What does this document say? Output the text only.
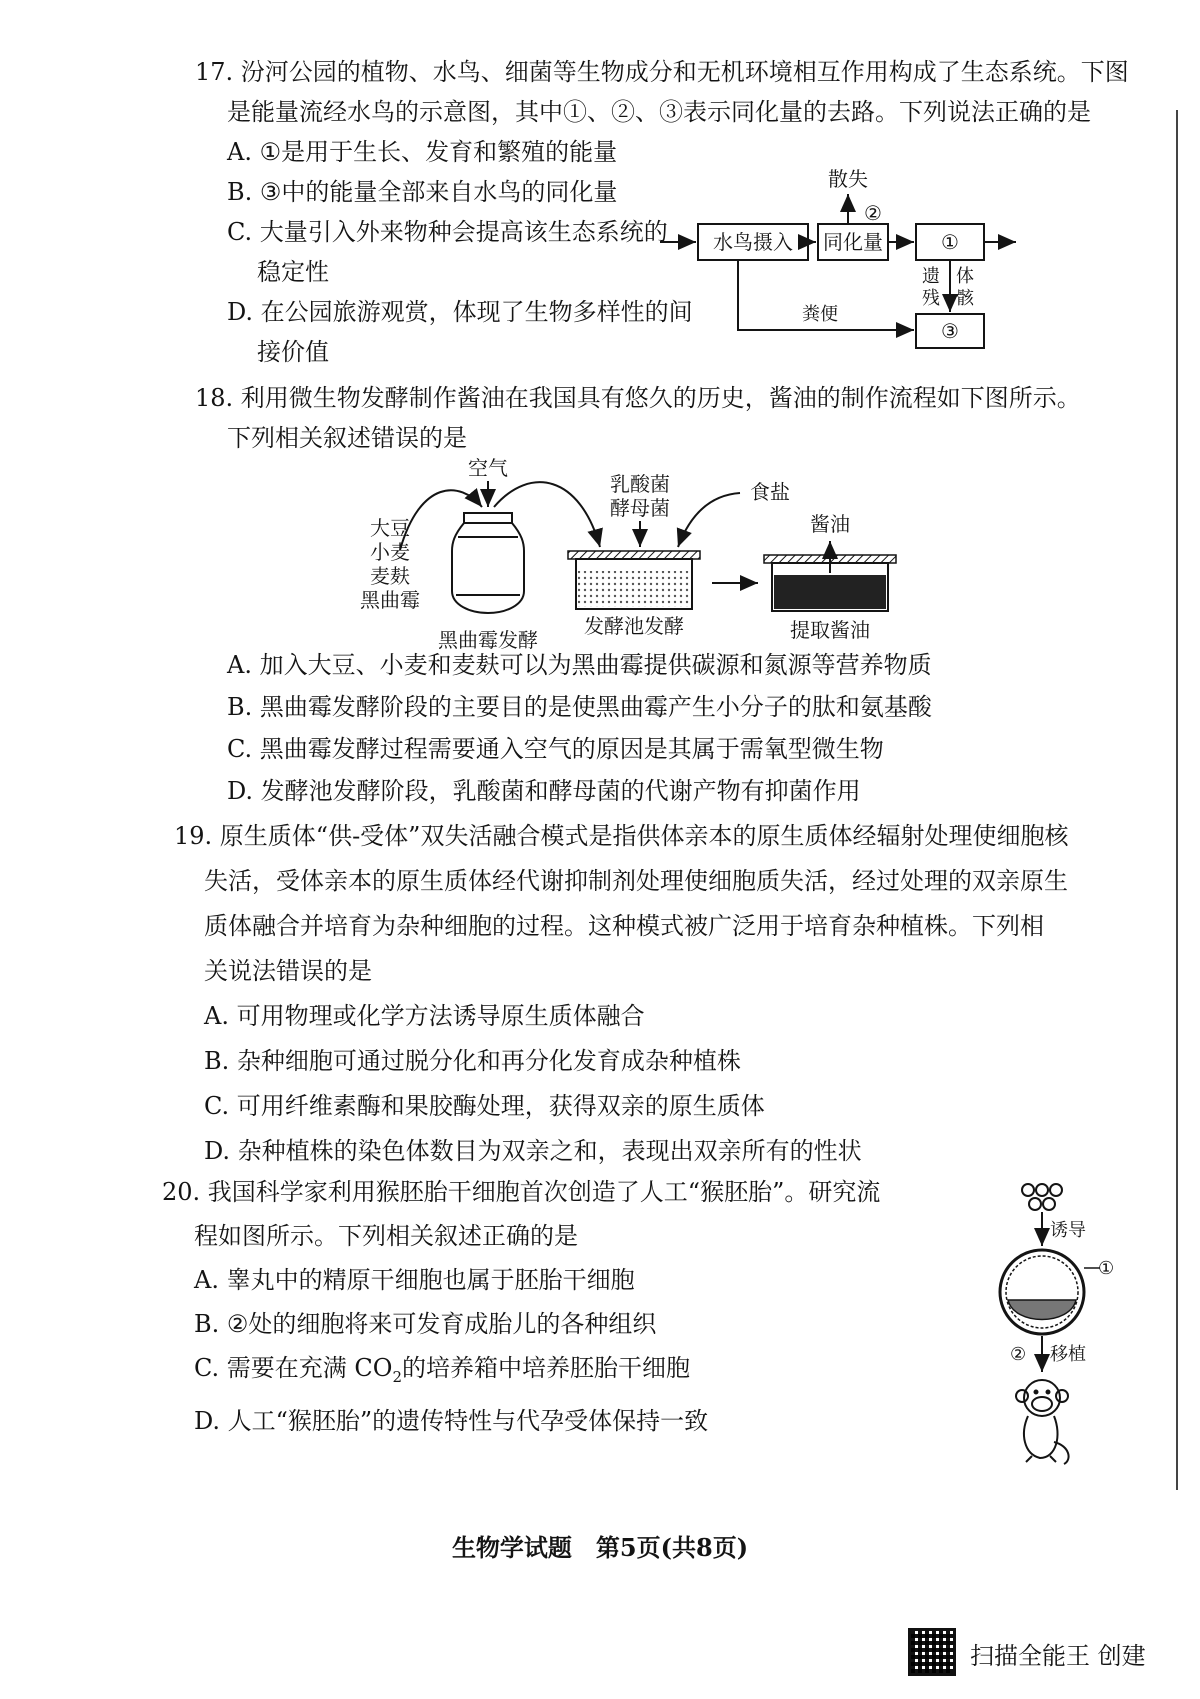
17. 汾河公园的植物、水鸟、细菌等生物成分和无机环境相互作用构成了生态系统。下图

是能量流经水鸟的示意图，其中①、②、③表示同化量的去路。下列说法正确的是

A. ①是用于生长、发育和繁殖的能量

B. ③中的能量全部来自水鸟的同化量

C. 大量引入外来物种会提高该生态系统的

稳定性

D. 在公园旅游观赏，体现了生物多样性的间

接价值

水鸟摄入 同化量
散失
②
①
遗 体
残 骸
粪便
③

18. 利用微生物发酵制作酱油在我国具有悠久的历史，酱油的制作流程如下图所示。

下列相关叙述错误的是

空气
大豆
小麦
麦麸
黑曲霉
黑曲霉发酵
乳酸菌
酵母菌
食盐
发酵池发酵
酱油
提取酱油

A. 加入大豆、小麦和麦麸可以为黑曲霉提供碳源和氮源等营养物质

B. 黑曲霉发酵阶段的主要目的是使黑曲霉产生小分子的肽和氨基酸

C. 黑曲霉发酵过程需要通入空气的原因是其属于需氧型微生物

D. 发酵池发酵阶段，乳酸菌和酵母菌的代谢产物有抑菌作用

19. 原生质体“供-受体”双失活融合模式是指供体亲本的原生质体经辐射处理使细胞核

失活，受体亲本的原生质体经代谢抑制剂处理使细胞质失活，经过处理的双亲原生

质体融合并培育为杂种细胞的过程。这种模式被广泛用于培育杂种植株。下列相

关说法错误的是

A. 可用物理或化学方法诱导原生质体融合

B. 杂种细胞可通过脱分化和再分化发育成杂种植株

C. 可用纤维素酶和果胶酶处理，获得双亲的原生质体

D. 杂种植株的染色体数目为双亲之和，表现出双亲所有的性状

20. 我国科学家利用猴胚胎干细胞首次创造了人工“猴胚胎”。研究流

程如图所示。下列相关叙述正确的是

A. 睾丸中的精原干细胞也属于胚胎干细胞

B. ②处的细胞将来可发育成胎儿的各种组织

C. 需要在充满 $CO_2$的培养箱中培养胚胎干细胞

D. 人工“猴胚胎”的遗传特性与代孕受体保持一致

诱导
①
② 移植
生物学试题　第5页(共8页)
扫描全能王 创建
